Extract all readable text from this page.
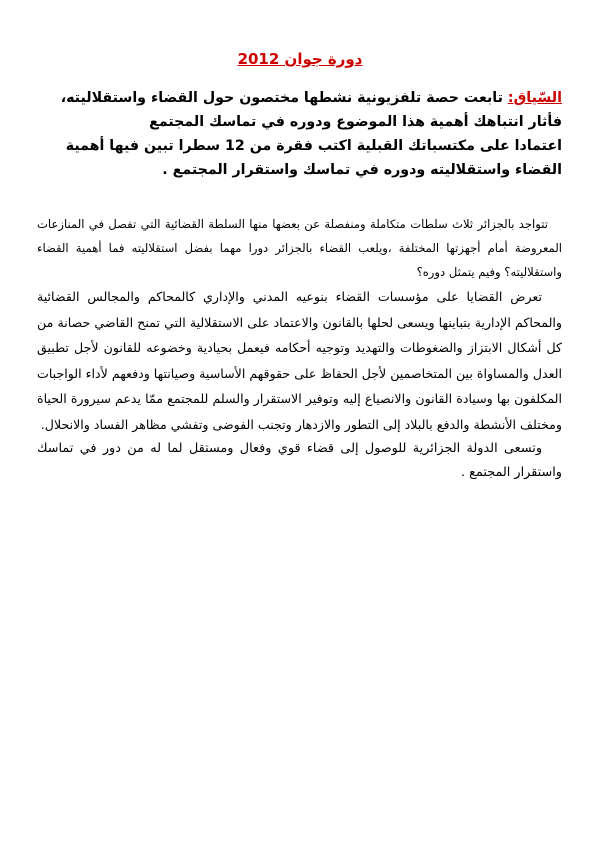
دورة جوان 2012
السّياق: تابعت حصة تلفزيونية نشطها مختصون حول القضاء واستقلاليته، فأثار انتباهك أهمية هذا الموضوع ودوره في تماسك المجتمع
اعتمادا على مكتسباتك القبلية اكتب فقرة من 12 سطرا تبين فيها أهمية القضاء واستقلاليته ودوره في تماسك واستقرار المجتمع .

تتواجد بالجزائر ثلاث سلطات متكاملة ومنفصلة عن بعضها منها السلطة القضائية التي تفصل في المنازعات المعروضة أمام أجهزتها المختلفة ،ويلعب القضاء بالجزائر دورا مهما بفضل استقلاليته فما أهمية القضاء واستقلاليته؟ وفيم يتمثل دوره؟

تعرض القضايا على مؤسسات القضاء بنوعيه المدني والإداري كالمحاكم والمجالس القضائية والمحاكم الإدارية بتباينها ويسعى لحلها بالقانون والاعتماد على الاستقلالية التي تمنح القاضي حصانة من كل أشكال الابتزاز والضغوطات والتهديد وتوجيه أحكامه فيعمل بحيادية وخضوعه للقانون لأجل تطبيق العدل والمساواة بين المتخاصمين لأجل الحفاظ على حقوقهم الأساسية وصيانتها ودفعهم لأداء الواجبات المكلفون بها وسيادة القانون والانصياع إليه وتوفير الاستقرار والسلم للمجتمع ممّا يدعم سيرورة الحياة ومختلف الأنشطة والدفع بالبلاد إلى التطور والازدهار وتجنب الفوضى وتفشي مظاهر الفساد والانحلال.

وتسعى الدولة الجزائرية للوصول إلى قضاء قوي وفعال ومستقل لما له من دور في تماسك واستقرار المجتمع .
